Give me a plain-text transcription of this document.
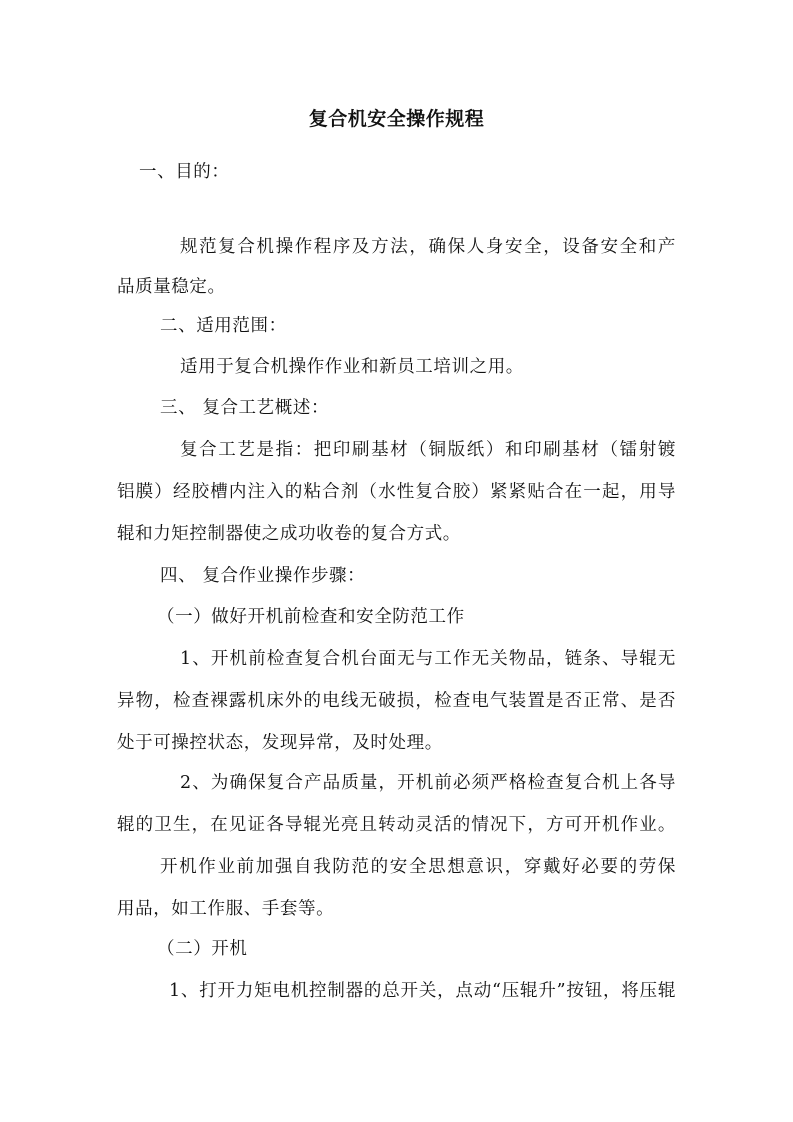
复合机安全操作规程
一、目的：
规范复合机操作程序及方法，确保人身安全，设备安全和产
品质量稳定。
二、适用范围：
适用于复合机操作作业和新员工培训之用。
三、 复合工艺概述：
复合工艺是指：把印刷基材（铜版纸）和印刷基材（镭射镀
铝膜）经胶槽内注入的粘合剂（水性复合胶）紧紧贴合在一起，用导
辊和力矩控制器使之成功收卷的复合方式。
四、 复合作业操作步骤：
（一）做好开机前检查和安全防范工作
1、开机前检查复合机台面无与工作无关物品，链条、导辊无
异物，检查裸露机床外的电线无破损，检查电气装置是否正常、是否
处于可操控状态，发现异常，及时处理。
2、为确保复合产品质量，开机前必须严格检查复合机上各导
辊的卫生，在见证各导辊光亮且转动灵活的情况下，方可开机作业。
开机作业前加强自我防范的安全思想意识，穿戴好必要的劳保
用品，如工作服、手套等。
（二）开机
1、打开力矩电机控制器的总开关，点动“压辊升”按钮，将压辊
